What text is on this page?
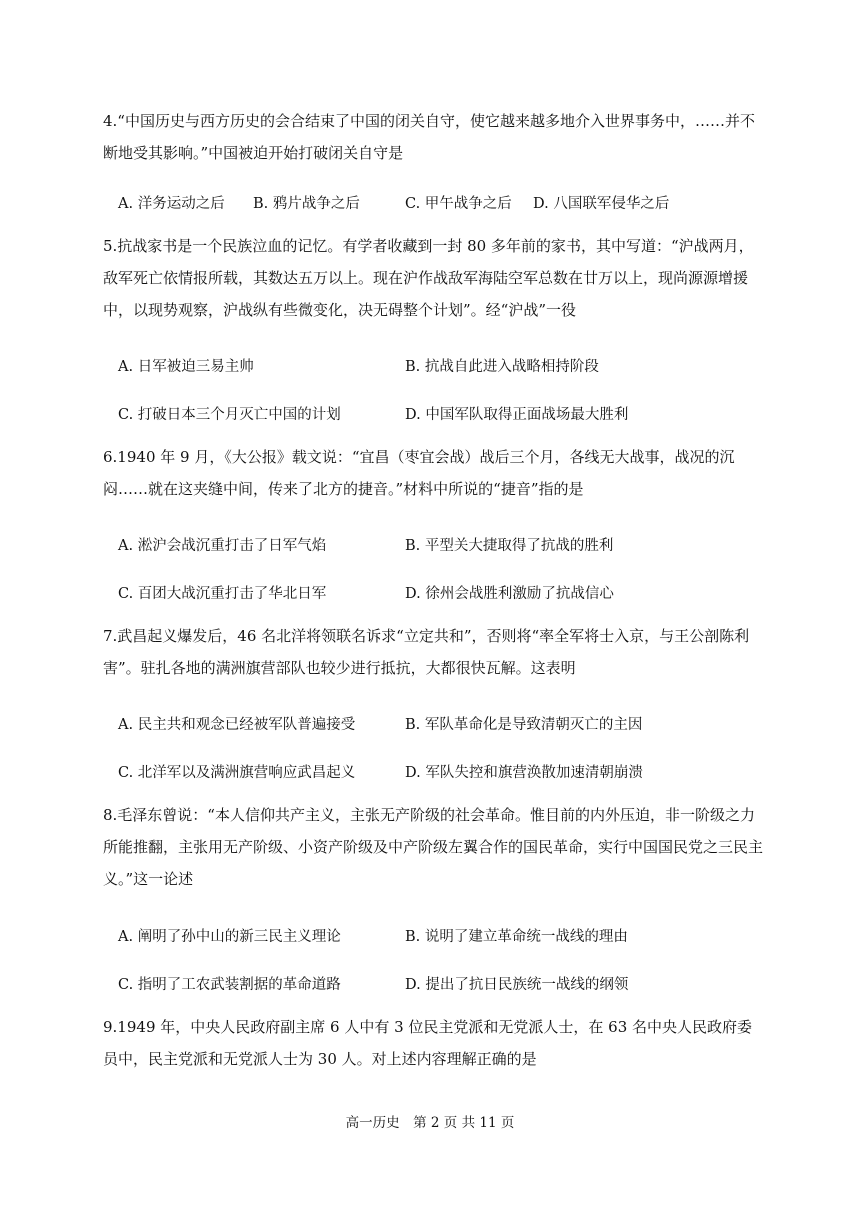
4.“中国历史与西方历史的会合结束了中国的闭关自守，使它越来越多地介入世界事务中，……并不断地受其影响。”中国被迫开始打破闭关自守是

A. 洋务运动之后 B. 鸦片战争之后	C. 甲午战争之后 D. 八国联军侵华之后

5.抗战家书是一个民族泣血的记忆。有学者收藏到一封 80 多年前的家书，其中写道：“沪战两月，敌军死亡依情报所载，其数达五万以上。现在沪作战敌军海陆空军总数在廿万以上，现尚源源增援中，以现势观察，沪战纵有些微变化，决无碍整个计划”。经“沪战”一役

A. 日军被迫三易主帅	B. 抗战自此进入战略相持阶段
C. 打破日本三个月灭亡中国的计划	D. 中国军队取得正面战场最大胜利

6.1940 年 9 月，《大公报》载文说：“宜昌（枣宜会战）战后三个月，各线无大战事，战况的沉闷……就在这夹缝中间，传来了北方的捷音。”材料中所说的“捷音”指的是

A. 淞沪会战沉重打击了日军气焰	B. 平型关大捷取得了抗战的胜利
C. 百团大战沉重打击了华北日军	D. 徐州会战胜利激励了抗战信心

7.武昌起义爆发后，46 名北洋将领联名诉求“立定共和”，否则将“率全军将士入京，与王公剖陈利害”。驻扎各地的满洲旗营部队也较少进行抵抗，大都很快瓦解。这表明

A. 民主共和观念已经被军队普遍接受	B. 军队革命化是导致清朝灭亡的主因
C. 北洋军以及满洲旗营响应武昌起义	D. 军队失控和旗营涣散加速清朝崩溃

8.毛泽东曾说：“本人信仰共产主义，主张无产阶级的社会革命。惟目前的内外压迫，非一阶级之力所能推翻，主张用无产阶级、小资产阶级及中产阶级左翼合作的国民革命，实行中国国民党之三民主义。”这一论述

A. 阐明了孙中山的新三民主义理论	B. 说明了建立革命统一战线的理由
C. 指明了工农武装割据的革命道路	D. 提出了抗日民族统一战线的纲领

9.1949 年，中央人民政府副主席 6 人中有 3 位民主党派和无党派人士，在 63 名中央人民政府委员中，民主党派和无党派人士为 30 人。对上述内容理解正确的是

高一历史　第 2 页 共 11 页
